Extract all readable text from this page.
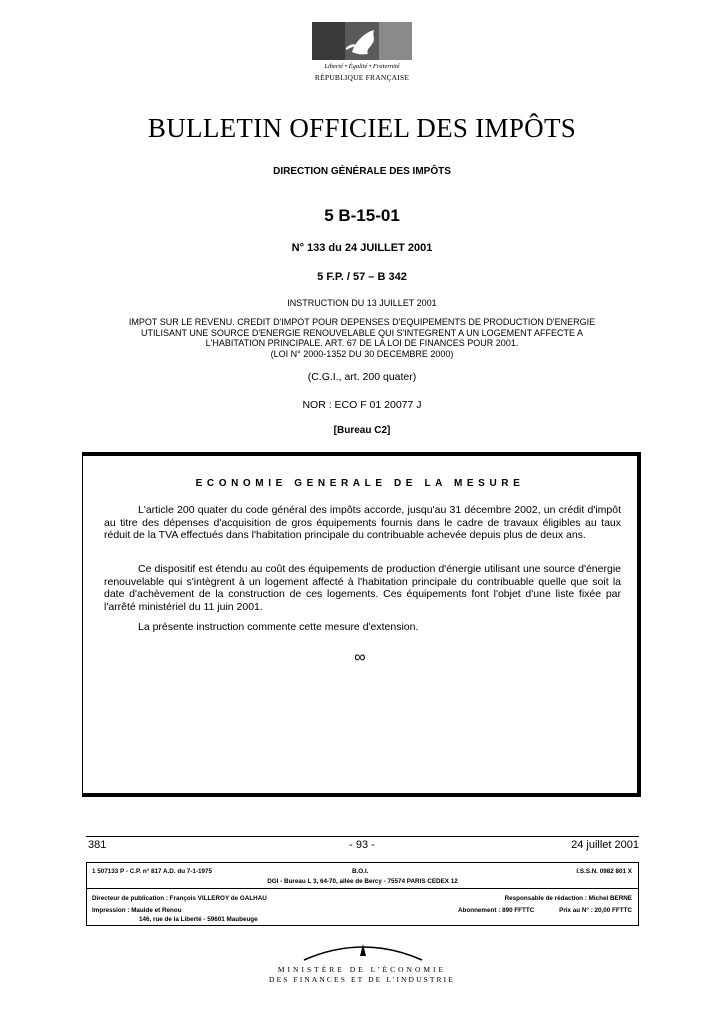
Liberté • Égalité • Fraternité
RÉPUBLIQUE FRANÇAISE
BULLETIN OFFICIEL DES IMPÔTS
DIRECTION GÉNÉRALE DES IMPÔTS
5 B-15-01
N° 133 du 24 JUILLET 2001
5 F.P. / 57 – B 342
INSTRUCTION DU 13 JUILLET 2001
IMPOT SUR LE REVENU. CREDIT D'IMPOT POUR DEPENSES D'EQUIPEMENTS DE PRODUCTION D'ENERGIE
UTILISANT UNE SOURCE D'ENERGIE RENOUVELABLE QUI S'INTEGRENT A UN LOGEMENT AFFECTE A
L'HABITATION PRINCIPALE. ART. 67 DE LA LOI DE FINANCES POUR 2001.
(LOI N° 2000-1352 DU 30 DECEMBRE 2000)
(C.G.I., art. 200 quater)
NOR : ECO F 01 20077 J
[Bureau C2]
ECONOMIE GENERALE DE LA MESURE

L'article 200 quater du code général des impôts accorde, jusqu'au 31 décembre 2002, un crédit d'impôt au titre des dépenses d'acquisition de gros équipements fournis dans le cadre de travaux éligibles au taux réduit de la TVA effectués dans l'habitation principale du contribuable achevée depuis plus de deux ans.

Ce dispositif est étendu au coût des équipements de production d'énergie utilisant une source d'énergie renouvelable qui s'intègrent à un logement affecté à l'habitation principale du contribuable quelle que soit la date d'achèvement de la construction de ces logements. Ces équipements font l'objet d'une liste fixée par l'arrêté ministériel du 11 juin 2001.

La présente instruction commente cette mesure d'extension.

∞
381	- 93 -	24 juillet 2001
1 507133 P - C.P. n° 817 A.D. du 7-1-1975	B.O.I.	I.S.S.N. 0982 801 X
DGI - Bureau L 3, 64-70, allée de Bercy - 75574 PARIS CEDEX 12
Directeur de publication : François VILLEROY de GALHAU	Responsable de rédaction : Michel BERNE
Impression : Maulde et Renou	Abonnement : 890 FFTTC	Prix au N° : 20,00 FFTTC
146, rue de la Liberté - 59601 Maubeuge
MINISTÈRE DE L'ÉCONOMIE
DES FINANCES ET DE L'INDUSTRIE
